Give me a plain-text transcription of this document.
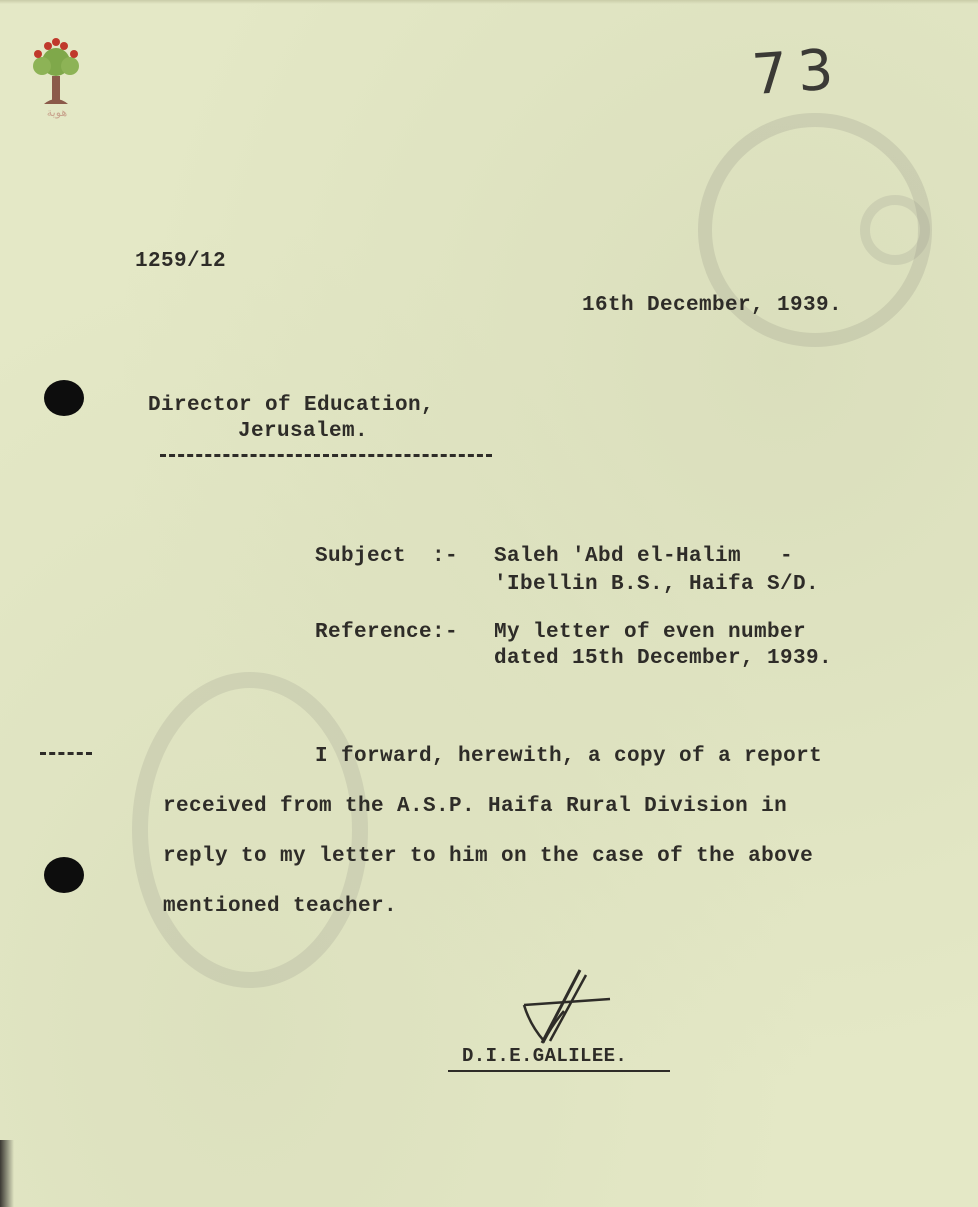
هوية
73
1259/12
16th December, 1939.
Director of Education,
Jerusalem.
Subject  :- Saleh 'Abd el-Halim   -
'Ibellin B.S., Haifa S/D.
Reference:- My letter of even number
dated 15th December, 1939.
I forward, herewith, a copy of a report
received from the A.S.P. Haifa Rural Division in
reply to my letter to him on the case of the above
mentioned teacher.
D.I.E.GALILEE.
